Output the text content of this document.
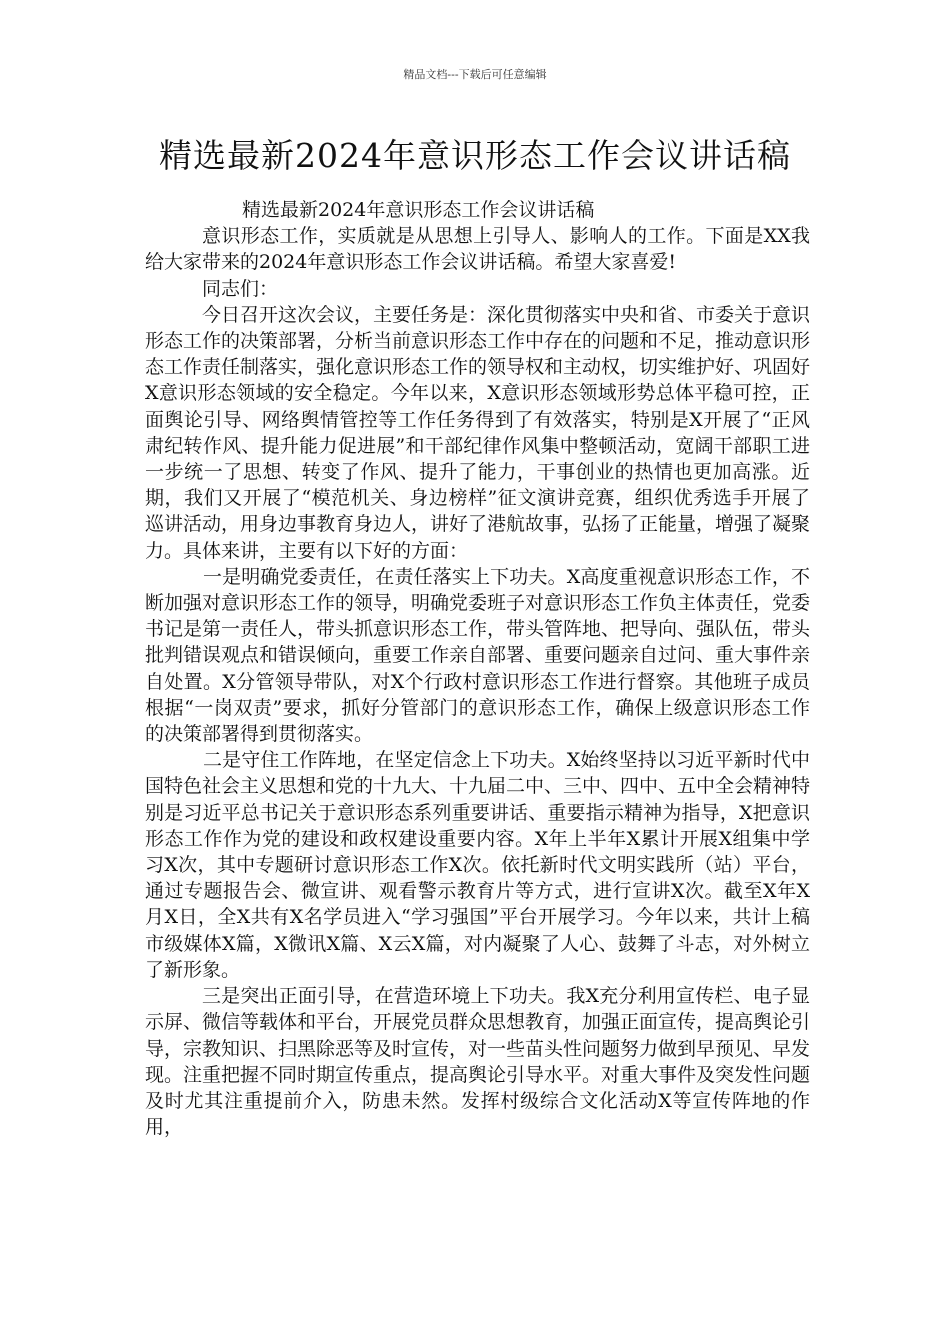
精品文档---下载后可任意编辑
精选最新2024年意识形态工作会议讲话稿

精选最新2024年意识形态工作会议讲话稿

意识形态工作，实质就是从思想上引导人、影响人的工作。下面是XX我给大家带来的2024年意识形态工作会议讲话稿。希望大家喜爱!

同志们：

今日召开这次会议，主要任务是：深化贯彻落实中央和省、市委关于意识形态工作的决策部署，分析当前意识形态工作中存在的问题和不足，推动意识形态工作责任制落实，强化意识形态工作的领导权和主动权，切实维护好、巩固好X意识形态领域的安全稳定。今年以来，X意识形态领域形势总体平稳可控，正面舆论引导、网络舆情管控等工作任务得到了有效落实，特别是X开展了“正风肃纪转作风、提升能力促进展”和干部纪律作风集中整顿活动，宽阔干部职工进一步统一了思想、转变了作风、提升了能力，干事创业的热情也更加高涨。近期，我们又开展了“模范机关、身边榜样”征文演讲竞赛，组织优秀选手开展了巡讲活动，用身边事教育身边人，讲好了港航故事，弘扬了正能量，增强了凝聚力。具体来讲，主要有以下好的方面：

一是明确党委责任，在责任落实上下功夫。X高度重视意识形态工作，不断加强对意识形态工作的领导，明确党委班子对意识形态工作负主体责任，党委书记是第一责任人，带头抓意识形态工作，带头管阵地、把导向、强队伍，带头批判错误观点和错误倾向，重要工作亲自部署、重要问题亲自过问、重大事件亲自处置。X分管领导带队，对X个行政村意识形态工作进行督察。其他班子成员根据“一岗双责”要求，抓好分管部门的意识形态工作，确保上级意识形态工作的决策部署得到贯彻落实。

二是守住工作阵地，在坚定信念上下功夫。X始终坚持以习近平新时代中国特色社会主义思想和党的十九大、十九届二中、三中、四中、五中全会精神特别是习近平总书记关于意识形态系列重要讲话、重要指示精神为指导，X把意识形态工作作为党的建设和政权建设重要内容。X年上半年X累计开展X组集中学习X次，其中专题研讨意识形态工作X次。依托新时代文明实践所（站）平台，通过专题报告会、微宣讲、观看警示教育片等方式，进行宣讲X次。截至X年X月X日，全X共有X名学员进入“学习强国”平台开展学习。今年以来，共计上稿市级媒体X篇，X微讯X篇、X云X篇，对内凝聚了人心、鼓舞了斗志，对外树立了新形象。

三是突出正面引导，在营造环境上下功夫。我X充分利用宣传栏、电子显示屏、微信等载体和平台，开展党员群众思想教育，加强正面宣传，提高舆论引导，宗教知识、扫黑除恶等及时宣传，对一些苗头性问题努力做到早预见、早发现。注重把握不同时期宣传重点，提高舆论引导水平。对重大事件及突发性问题及时尤其注重提前介入，防患未然。发挥村级综合文化活动X等宣传阵地的作用，
